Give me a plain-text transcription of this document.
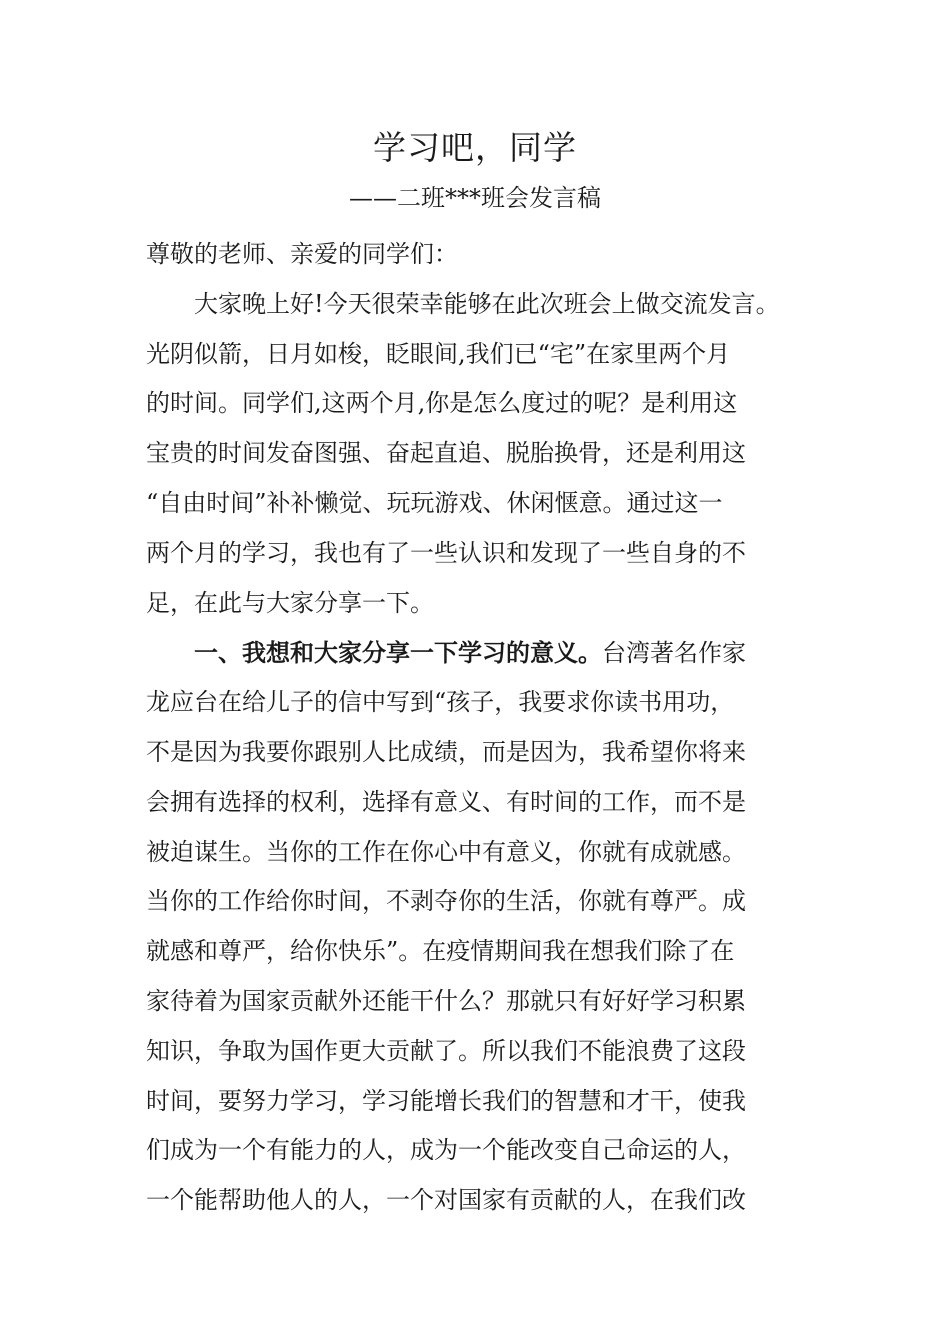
学习吧，同学
——二班***班会发言稿
尊敬的老师、亲爱的同学们：
大家晚上好!今天很荣幸能够在此次班会上做交流发言。
光阴似箭，日月如梭，眨眼间,我们已“宅”在家里两个月
的时间。同学们,这两个月,你是怎么度过的呢？是利用这
宝贵的时间发奋图强、奋起直追、脱胎换骨，还是利用这
“自由时间”补补懒觉、玩玩游戏、休闲惬意。通过这一
两个月的学习，我也有了一些认识和发现了一些自身的不
足，在此与大家分享一下。
一、我想和大家分享一下学习的意义。台湾著名作家
龙应台在给儿子的信中写到“孩子，我要求你读书用功，
不是因为我要你跟别人比成绩，而是因为，我希望你将来
会拥有选择的权利，选择有意义、有时间的工作，而不是
被迫谋生。当你的工作在你心中有意义，你就有成就感。
当你的工作给你时间，不剥夺你的生活，你就有尊严。成
就感和尊严，给你快乐”。在疫情期间我在想我们除了在
家待着为国家贡献外还能干什么？那就只有好好学习积累
知识，争取为国作更大贡献了。所以我们不能浪费了这段
时间，要努力学习，学习能增长我们的智慧和才干，使我
们成为一个有能力的人，成为一个能改变自己命运的人，
一个能帮助他人的人，一个对国家有贡献的人，在我们改
